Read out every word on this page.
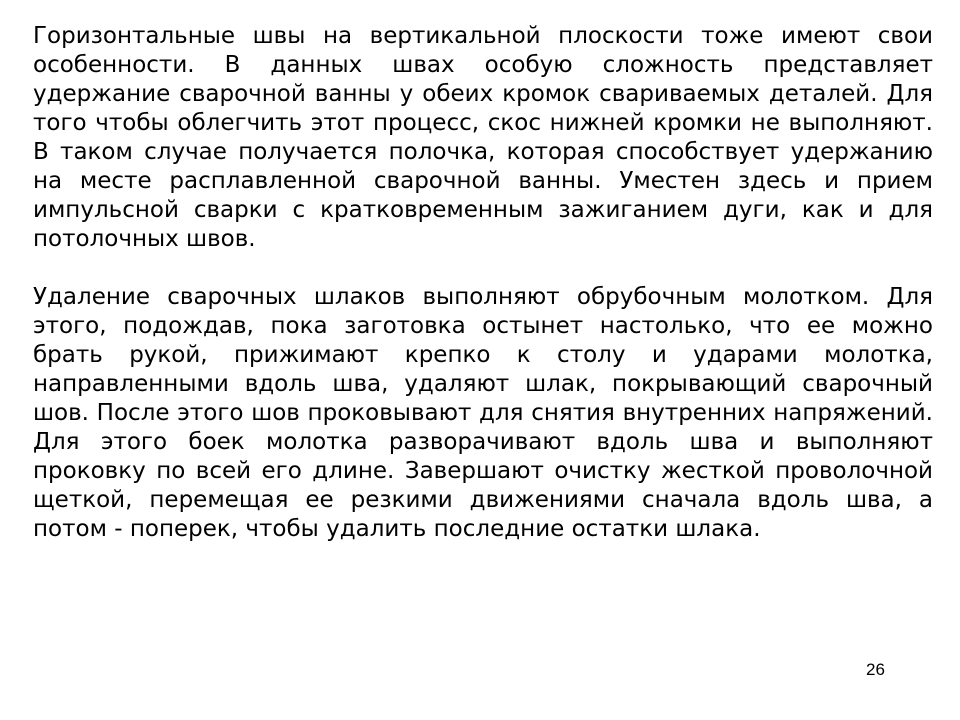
Горизонтальные швы на вертикальной плоскости тоже имеют свои особенности. В данных швах особую сложность представляет удержание сварочной ванны у обеих кромок свариваемых деталей. Для того чтобы облегчить этот процесс, скос нижней кромки не выполняют. В таком случае получается полочка, которая способствует удержанию на месте расплавленной сварочной ванны. Уместен здесь и прием импульсной сварки с кратковременным зажиганием дуги, как и для потолочных швов.

Удаление сварочных шлаков выполняют обрубочным молотком. Для этого, подождав, пока заготовка остынет настолько, что ее можно брать рукой, прижимают крепко к столу и ударами молотка, направленными вдоль шва, удаляют шлак, покрывающий сварочный шов. После этого шов проковывают для снятия внутренних напряжений. Для этого боек молотка разворачивают вдоль шва и выполняют проковку по всей его длине. Завершают очистку жесткой проволочной щеткой, перемещая ее резкими движениями сначала вдоль шва, а потом - поперек, чтобы удалить последние остатки шлака.

26
